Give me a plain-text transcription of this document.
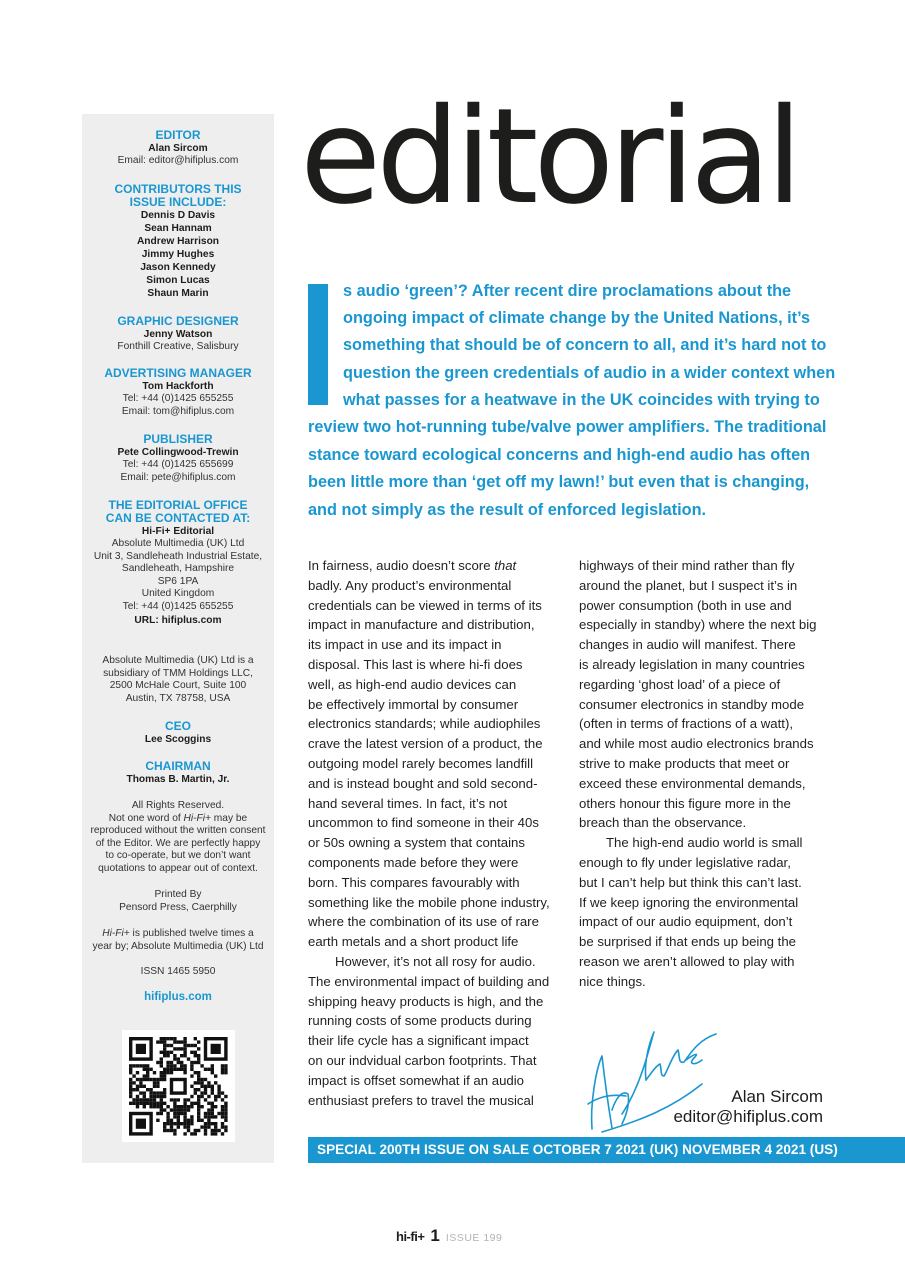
EDITOR
Alan Sircom
Email: editor@hifiplus.com
CONTRIBUTORS THIS
ISSUE INCLUDE:
Dennis D Davis
Sean Hannam
Andrew Harrison
Jimmy Hughes
Jason Kennedy
Simon Lucas
Shaun Marin
GRAPHIC DESIGNER
Jenny Watson
Fonthill Creative, Salisbury
ADVERTISING MANAGER
Tom Hackforth
Tel: +44 (0)1425 655255
Email: tom@hifiplus.com
PUBLISHER
Pete Collingwood-Trewin
Tel: +44 (0)1425 655699
Email: pete@hifiplus.com
THE EDITORIAL OFFICE
CAN BE CONTACTED AT:
Hi-Fi+ Editorial
Absolute Multimedia (UK) Ltd
Unit 3, Sandleheath Industrial Estate,
Sandleheath, Hampshire
SP6 1PA
United Kingdom
Tel: +44 (0)1425 655255
URL: hifiplus.com
Absolute Multimedia (UK) Ltd is a
subsidiary of TMM Holdings LLC,
2500 McHale Court, Suite 100
Austin, TX 78758, USA
CEO
Lee Scoggins
CHAIRMAN
Thomas B. Martin, Jr.
All Rights Reserved.
Not one word of Hi-Fi+ may be
reproduced without the written consent
of the Editor. We are perfectly happy
to co-operate, but we don’t want
quotations to appear out of context.
Printed By
Pensord Press, Caerphilly
Hi-Fi+ is published twelve times a
year by; Absolute Multimedia (UK) Ltd
ISSN 1465 5950
hifiplus.com
editorial
s audio ‘green’? After recent dire proclamations about the
ongoing impact of climate change by the United Nations, it’s
something that should be of concern to all, and it’s hard not to
question the green credentials of audio in a wider context when
what passes for a heatwave in the UK coincides with trying to
review two hot-running tube/valve power amplifiers. The traditional
stance toward ecological concerns and high-end audio has often
been little more than ‘get off my lawn!’ but even that is changing,
and not simply as the result of enforced legislation.
In fairness, audio doesn’t score that
badly. Any product’s environmental
credentials can be viewed in terms of its
impact in manufacture and distribution,
its impact in use and its impact in
disposal. This last is where hi-fi does
well, as high-end audio devices can
be effectively immortal by consumer
electronics standards; while audiophiles
crave the latest version of a product, the
outgoing model rarely becomes landfill
and is instead bought and sold second-
hand several times. In fact, it’s not
uncommon to find someone in their 40s
or 50s owning a system that contains
components made before they were
born. This compares favourably with
something like the mobile phone industry,
where the combination of its use of rare
earth metals and a short product life
However, it’s not all rosy for audio.
The environmental impact of building and
shipping heavy products is high, and the
running costs of some products during
their life cycle has a significant impact
on our indvidual carbon footprints. That
impact is offset somewhat if an audio
enthusiast prefers to travel the musical
highways of their mind rather than fly
around the planet, but I suspect it’s in
power consumption (both in use and
especially in standby) where the next big
changes in audio will manifest. There
is already legislation in many countries
regarding ‘ghost load’ of a piece of
consumer electronics in standby mode
(often in terms of fractions of a watt),
and while most audio electronics brands
strive to make products that meet or
exceed these environmental demands,
others honour this figure more in the
breach than the observance.
The high-end audio world is small
enough to fly under legislative radar,
but I can’t help but think this can’t last.
If we keep ignoring the environmental
impact of our audio equipment, don’t
be surprised if that ends up being the
reason we aren’t allowed to play with
nice things.
Alan Sircom
editor@hifiplus.com
SPECIAL 200TH ISSUE ON SALE OCTOBER 7 2021 (UK) NOVEMBER 4 2021 (US)
hi-fi+ 1 ISSUE 199
